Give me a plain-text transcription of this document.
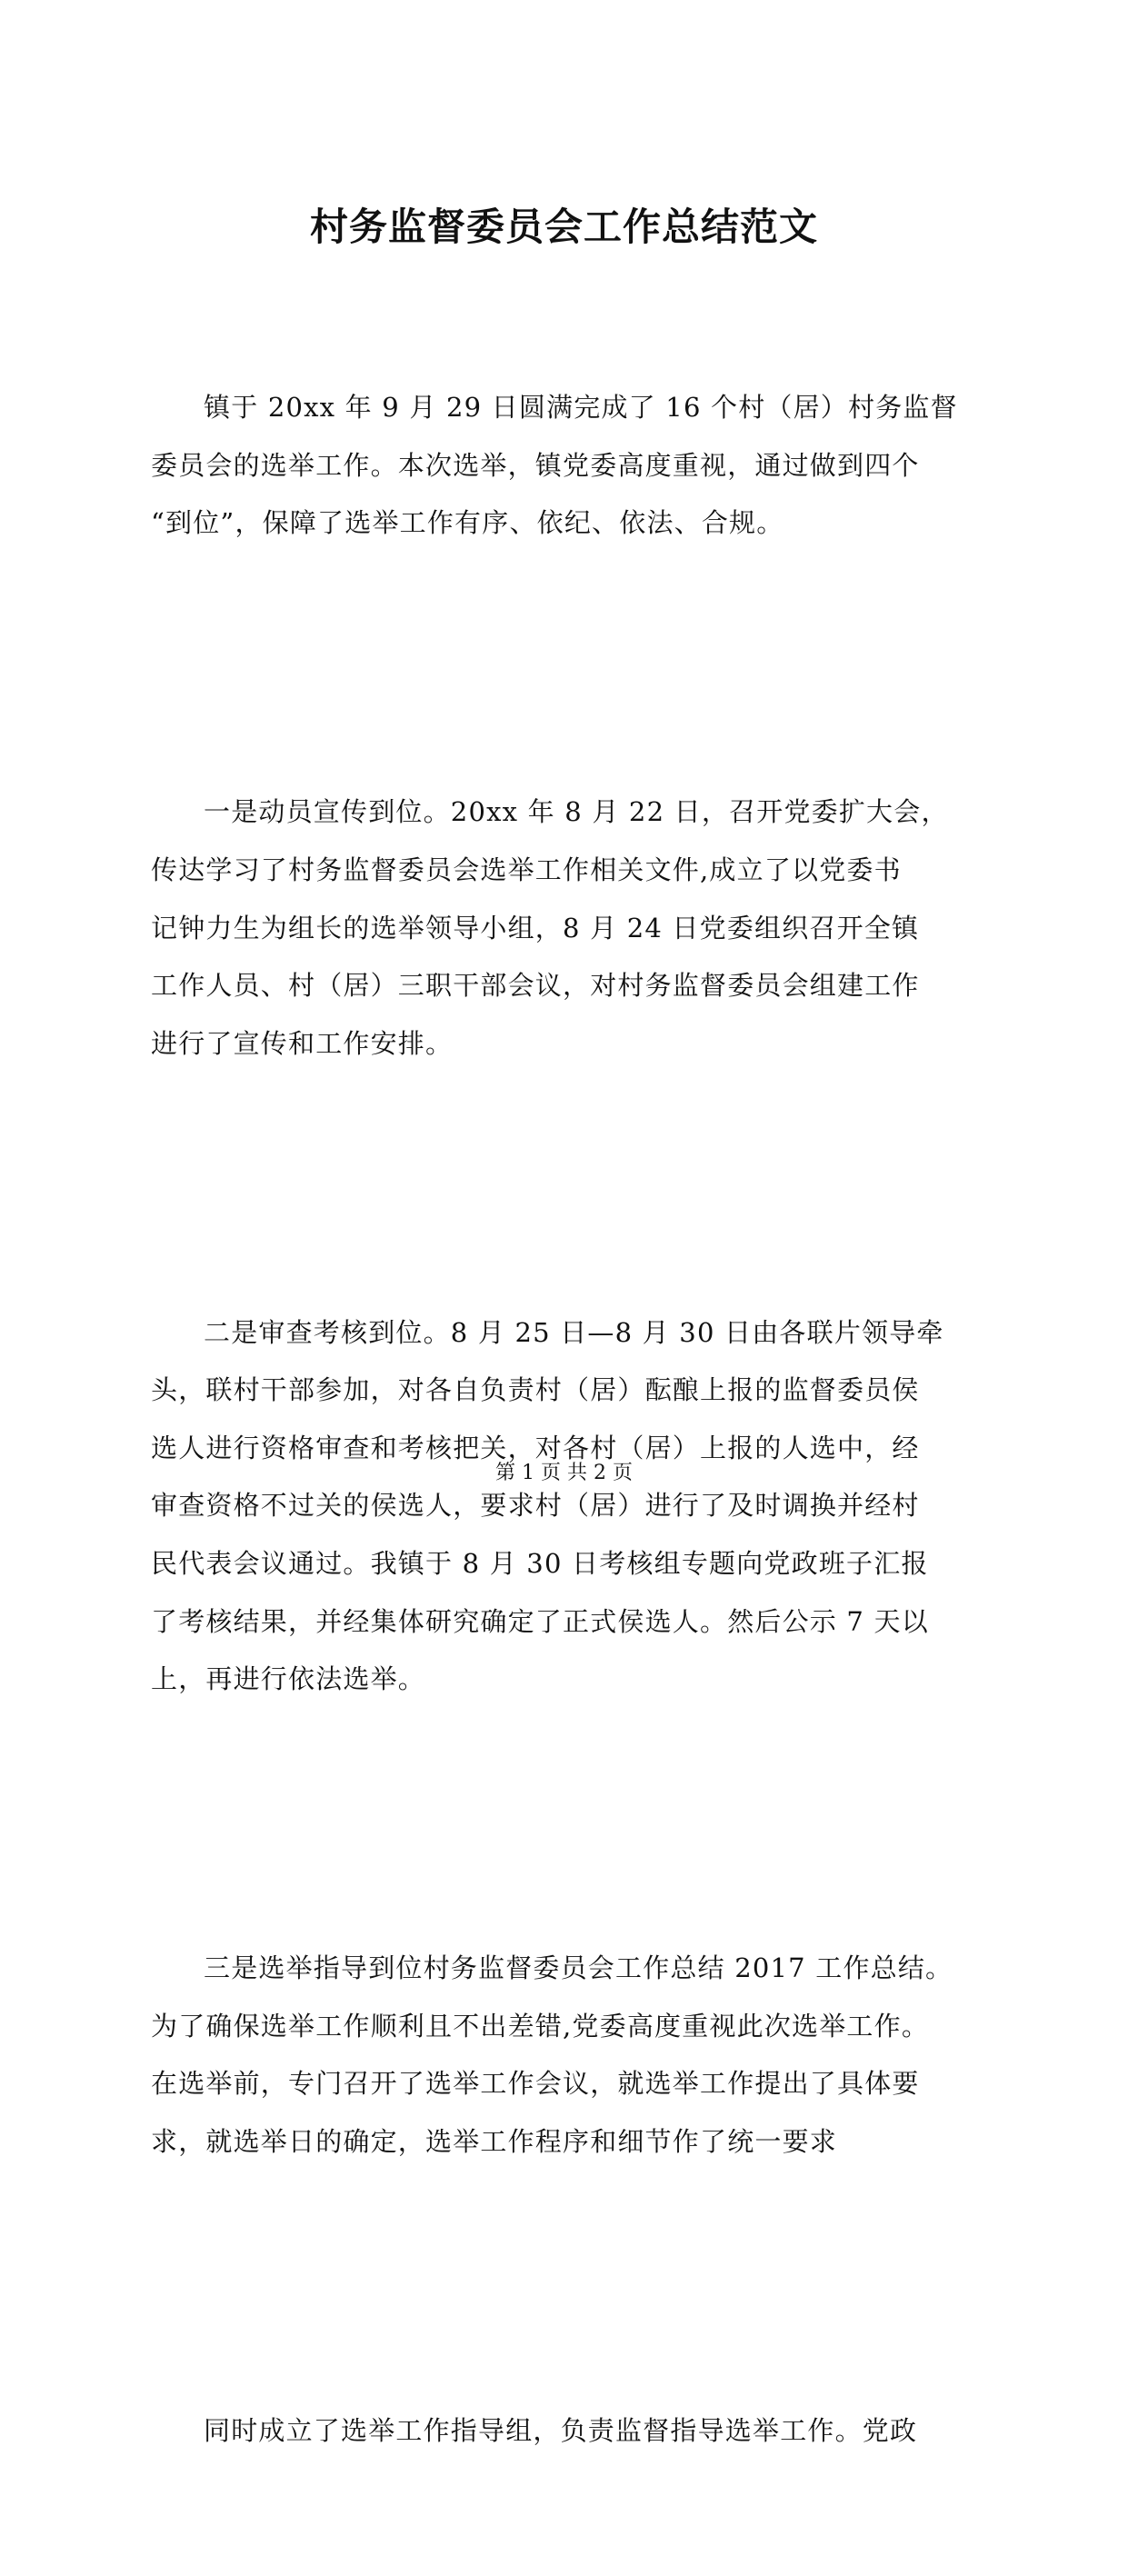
村务监督委员会工作总结范文

镇于 20xx 年 9 月 29 日圆满完成了 16 个村（居）村务监督
委员会的选举工作。本次选举，镇党委高度重视，通过做到四个
“到位”，保障了选举工作有序、依纪、依法、合规。

一是动员宣传到位。20xx 年 8 月 22 日，召开党委扩大会，
传达学习了村务监督委员会选举工作相关文件,成立了以党委书
记钟力生为组长的选举领导小组，8 月 24 日党委组织召开全镇
工作人员、村（居）三职干部会议，对村务监督委员会组建工作
进行了宣传和工作安排。

二是审查考核到位。8 月 25 日—8 月 30 日由各联片领导牵
头，联村干部参加，对各自负责村（居）酝酿上报的监督委员侯
选人进行资格审查和考核把关，对各村（居）上报的人选中，经
审查资格不过关的侯选人，要求村（居）进行了及时调换并经村
民代表会议通过。我镇于 8 月 30 日考核组专题向党政班子汇报
了考核结果，并经集体研究确定了正式侯选人。然后公示 7 天以
上，再进行依法选举。

三是选举指导到位村务监督委员会工作总结 2017 工作总结。
为了确保选举工作顺利且不出差错,党委高度重视此次选举工作。
在选举前，专门召开了选举工作会议，就选举工作提出了具体要
求，就选举日的确定，选举工作程序和细节作了统一要求

同时成立了选举工作指导组，负责监督指导选举工作。党政

第 1 页 共 2 页
